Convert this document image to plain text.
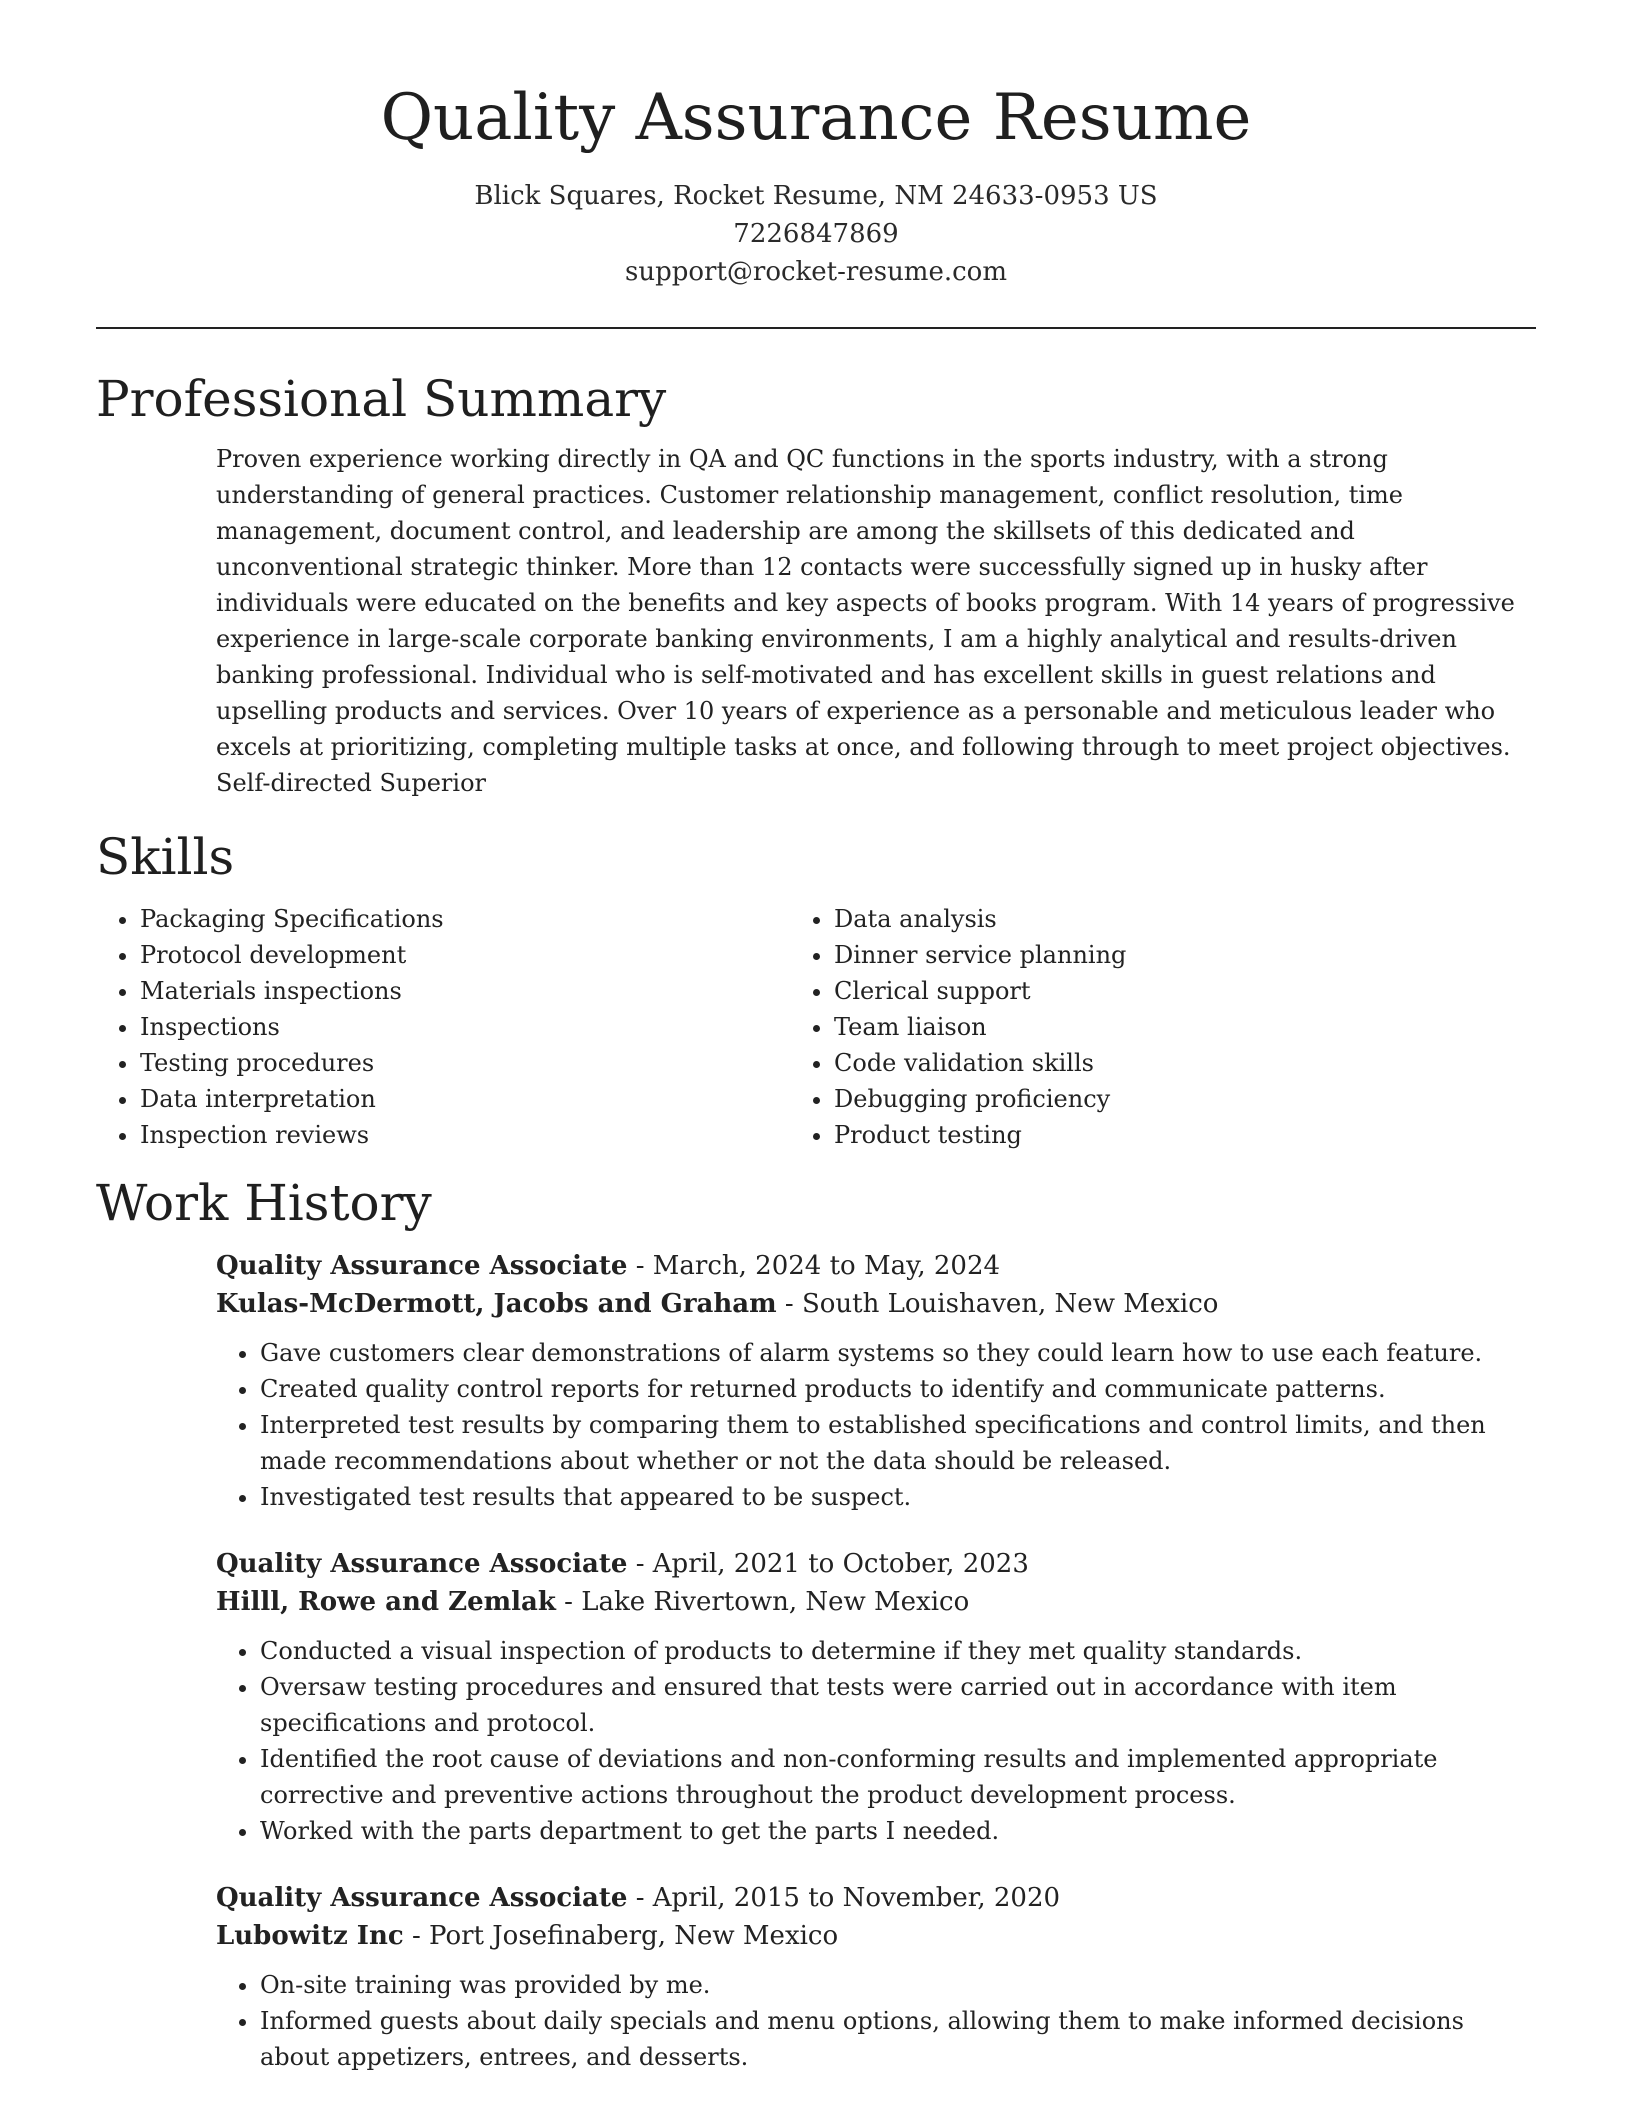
Quality Assurance Resume
Blick Squares, Rocket Resume, NM 24633-0953 US
7226847869
support@rocket-resume.com
Professional Summary

Proven experience working directly in QA and QC functions in the sports industry, with a strong understanding of general practices. Customer relationship management, conflict resolution, time management, document control, and leadership are among the skillsets of this dedicated and unconventional strategic thinker. More than 12 contacts were successfully signed up in husky after individuals were educated on the benefits and key aspects of books program. With 14 years of progressive experience in large-scale corporate banking environments, I am a highly analytical and results-driven banking professional. Individual who is self-motivated and has excellent skills in guest relations and upselling products and services. Over 10 years of experience as a personable and meticulous leader who excels at prioritizing, completing multiple tasks at once, and following through to meet project objectives. Self-directed Superior

Skills
• Packaging Specifications
• Protocol development
• Materials inspections
• Inspections
• Testing procedures
• Data interpretation
• Inspection reviews
• Data analysis
• Dinner service planning
• Clerical support
• Team liaison
• Code validation skills
• Debugging proficiency
• Product testing
Work History
Quality Assurance Associate - March, 2024 to May, 2024
Kulas-McDermott, Jacobs and Graham - South Louishaven, New Mexico
• Gave customers clear demonstrations of alarm systems so they could learn how to use each feature.
• Created quality control reports for returned products to identify and communicate patterns.
• Interpreted test results by comparing them to established specifications and control limits, and then made recommendations about whether or not the data should be released.
• Investigated test results that appeared to be suspect.
Quality Assurance Associate - April, 2021 to October, 2023
Hilll, Rowe and Zemlak - Lake Rivertown, New Mexico
• Conducted a visual inspection of products to determine if they met quality standards.
• Oversaw testing procedures and ensured that tests were carried out in accordance with item specifications and protocol.
• Identified the root cause of deviations and non-conforming results and implemented appropriate corrective and preventive actions throughout the product development process.
• Worked with the parts department to get the parts I needed.
Quality Assurance Associate - April, 2015 to November, 2020
Lubowitz Inc - Port Josefinaberg, New Mexico
• On-site training was provided by me.
• Informed guests about daily specials and menu options, allowing them to make informed decisions about appetizers, entrees, and desserts.
